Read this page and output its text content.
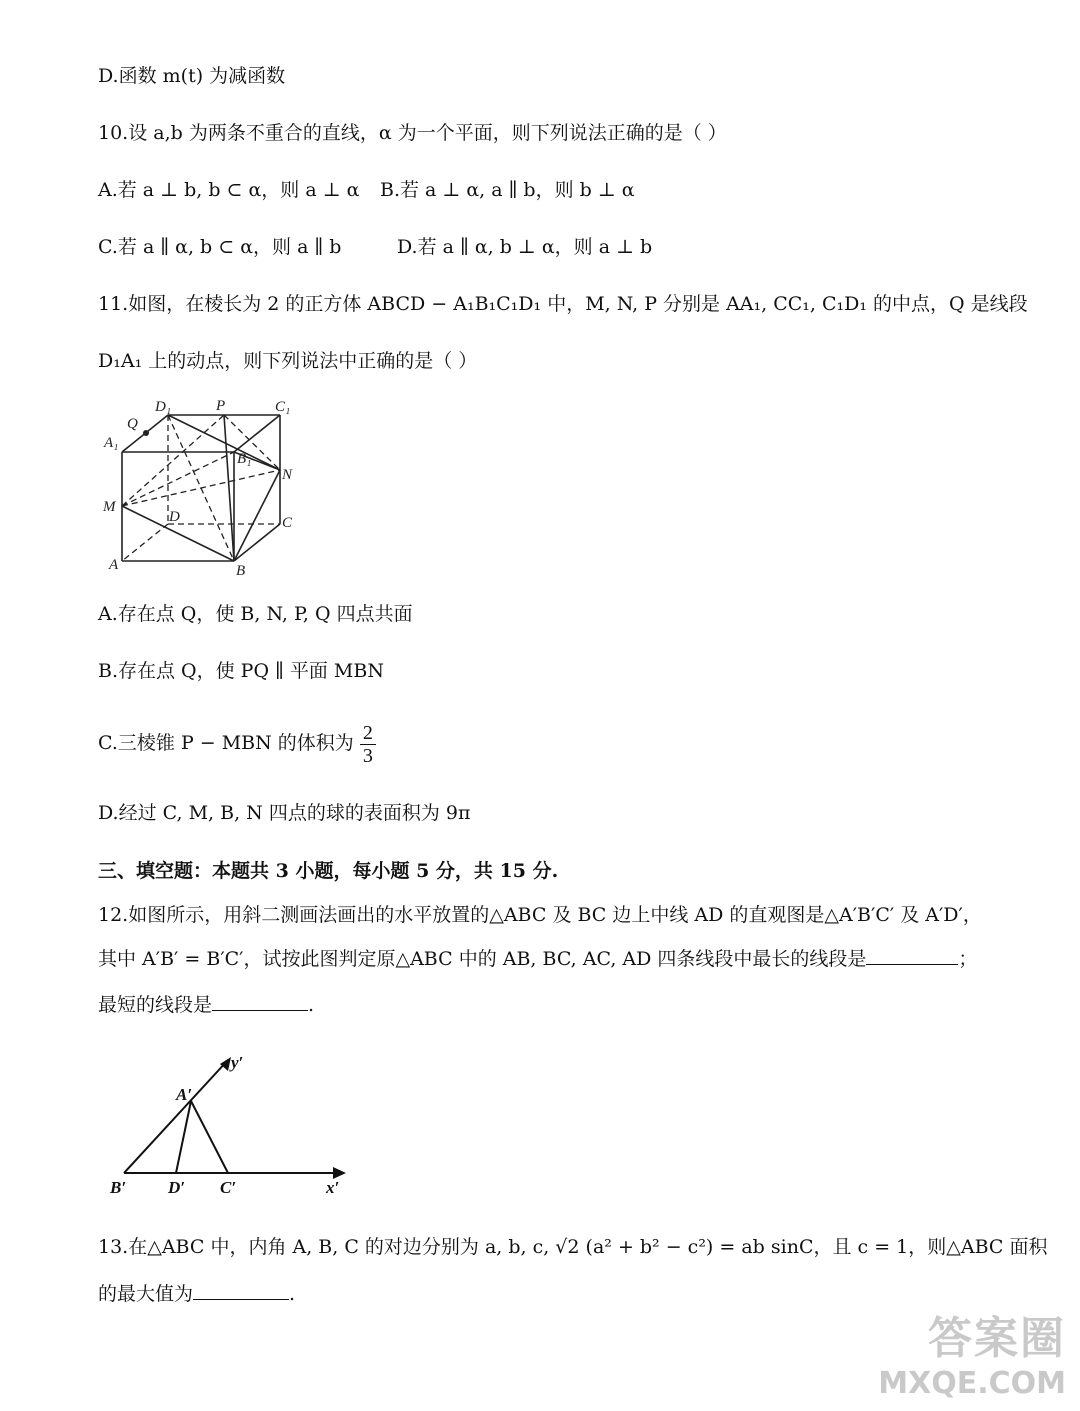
D.函数 m(t) 为减函数
10.设 a,b 为两条不重合的直线，α 为一个平面，则下列说法正确的是（ ）
A.若 a ⊥ b, b ⊂ α，则 a ⊥ α B.若 a ⊥ α, a ∥ b，则 b ⊥ α
C.若 a ∥ α, b ⊂ α，则 a ∥ b	D.若 a ∥ α, b ⊥ α，则 a ⊥ b
11.如图，在棱长为 2 的正方体 ABCD − A₁B₁C₁D₁ 中，M, N, P 分别是 AA₁, CC₁, C₁D₁ 的中点，Q 是线段
D₁A₁ 上的动点，则下列说法中正确的是（ ）
D₁	P	C₁
Q
A₁
B₁
N
M
D	C
A	B
A.存在点 Q，使 B, N, P, Q 四点共面
B.存在点 Q，使 PQ ∥ 平面 MBN
C.三棱锥 P − MBN 的体积为 $\frac{2}{3}$
D.经过 C, M, B, N 四点的球的表面积为 9π
三、填空题：本题共 3 小题，每小题 5 分，共 15 分.
12.如图所示，用斜二测画法画出的水平放置的△ABC 及 BC 边上中线 AD 的直观图是△A′B′C′ 及 A′D′，
其中 A′B′ = B′C′，试按此图判定原△ABC 中的 AB, BC, AC, AD 四条线段中最长的线段是	；
最短的线段是	.
y′
A′
B′ D′ C′	x′
13.在△ABC 中，内角 A, B, C 的对边分别为 a, b, c, √2 (a² + b² − c²) = ab sinC，且 c = 1，则△ABC 面积
的最大值为	.
答案圈
MXQE.COM
